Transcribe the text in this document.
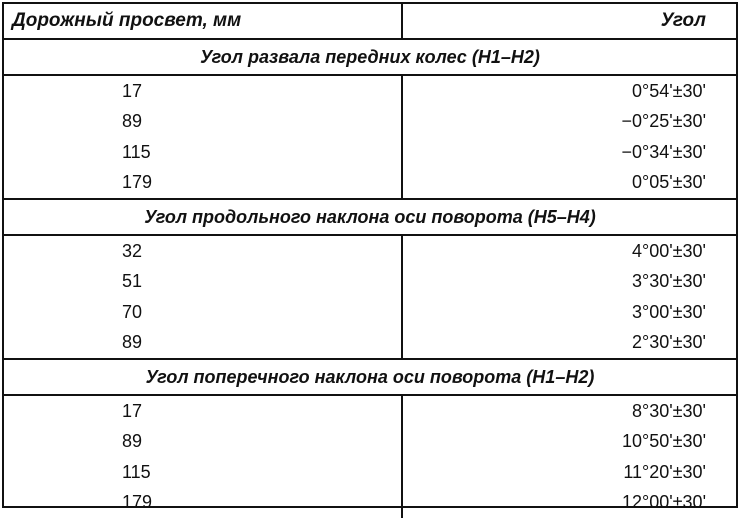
Дорожный просвет, мм	Угол
Угол развала передних колес (Н1–Н2)
17	0°54'±30'
89	−0°25'±30'
115	−0°34'±30'
179	0°05'±30'
Угол продольного наклона оси поворота (Н5–Н4)
32	4°00'±30'
51	3°30'±30'
70	3°00'±30'
89	2°30'±30'
Угол поперечного наклона оси поворота (Н1–Н2)
17	8°30'±30'
89	10°50'±30'
115	11°20'±30'
179	12°00'±30'
